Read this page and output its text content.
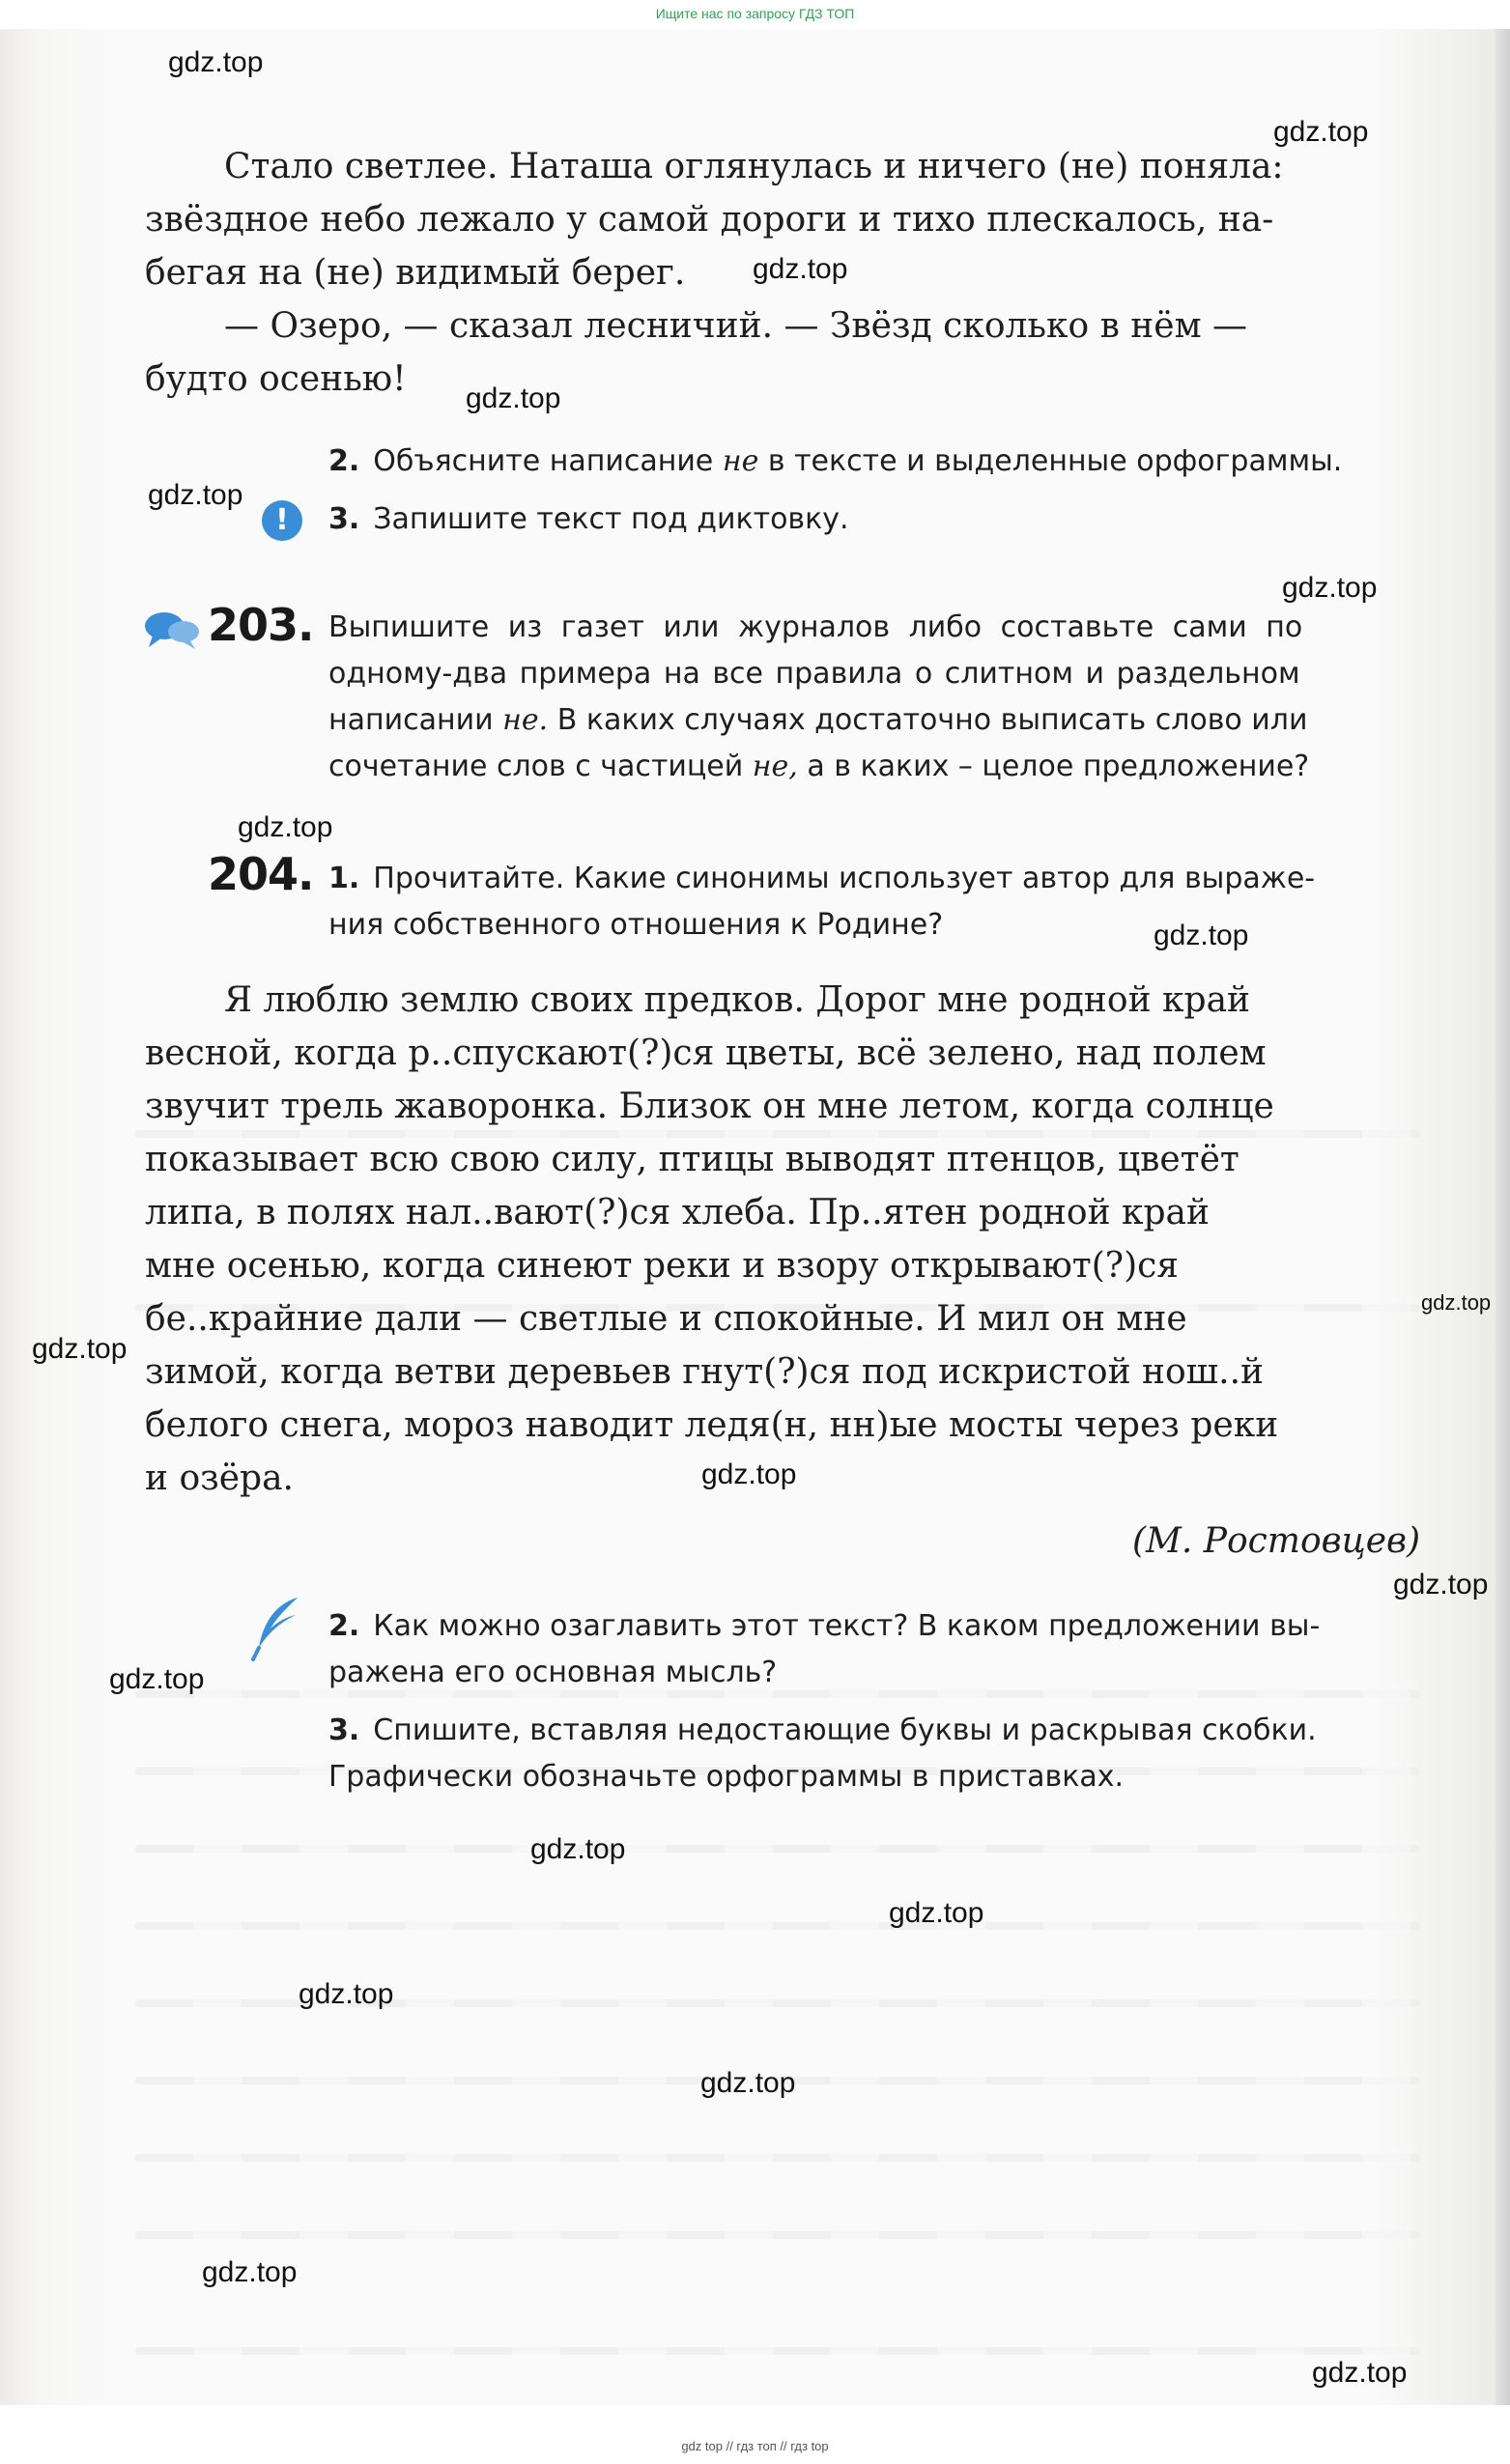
Ищите нас по запросу ГДЗ ТОП
Стало светлее. Наташа оглянулась и ничего (не) поняла:
звёздное небо лежало у самой дороги и тихо плескалось, на-
бегая на (не) видимый берег.
— Озеро, — сказал лесничий. — Звёзд сколько в нём —
будто осенью!
2. Объясните написание не в тексте и выделенные орфограммы.
!	3. Запишите текст под диктовку.
203. Выпишите из газет или журналов либо составьте сами по
одному-два примера на все правила о слитном и раздельном
написании не. В каких случаях достаточно выписать слово или
сочетание слов с частицей не, а в каких – целое предложение?
204. 1. Прочитайте. Какие синонимы использует автор для выраже-
ния собственного отношения к Родине?
Я люблю землю своих предков. Дорог мне родной край
весной, когда р..спускают(?)ся цветы, всё зелено, над полем
звучит трель жаворонка. Близок он мне летом, когда солнце
показывает всю свою силу, птицы выводят птенцов, цветёт
липа, в полях нал..вают(?)ся хлеба. Пр..ятен родной край
мне осенью, когда синеют реки и взору открывают(?)ся
бе..крайние дали — светлые и спокойные. И мил он мне
зимой, когда ветви деревьев гнут(?)ся под искристой нош..й
белого снега, мороз наводит ледя(н, нн)ые мосты через реки
и озёра.
(М. Ростовцев)
2. Как можно озаглавить этот текст? В каком предложении вы-
ражена его основная мысль?
3. Спишите, вставляя недостающие буквы и раскрывая скобки.
Графически обозначьте орфограммы в приставках.
gdz.top
gdz.top
gdz.top
gdz.top
gdz.top
gdz.top
gdz.top
gdz.top
gdz.top
gdz.top
gdz.top
gdz.top
gdz.top
gdz.top
gdz.top
gdz.top
gdz.top
gdz.top
gdz.top
gdz top // гдз топ // гдз top
